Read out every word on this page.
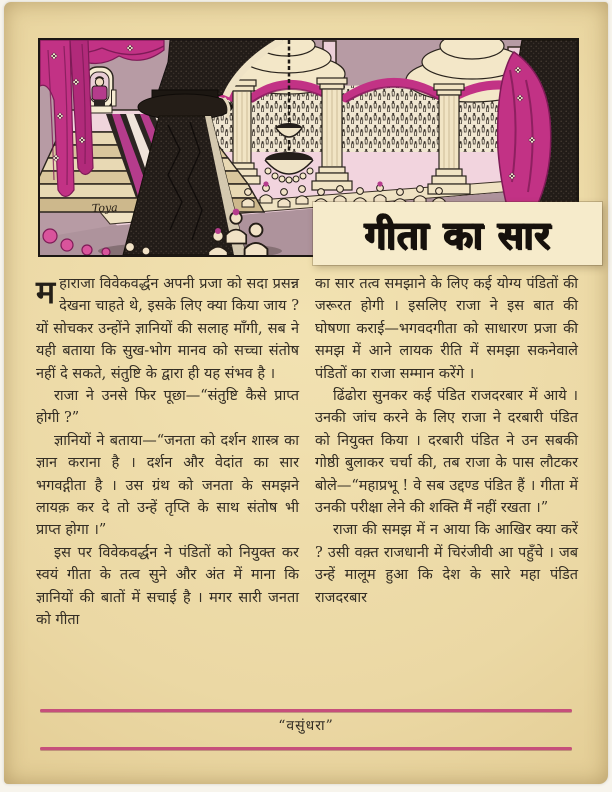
Toya
गीता का सार

महाराजा विवेकवर्द्धन अपनी प्रजा को सदा प्रसन्न देखना चाहते थे, इसके लिए क्या किया जाय ? यों सोचकर उन्होंने ज्ञानियों की सलाह माँगी, सब ने यही बताया कि सुख-भोग मानव को सच्चा संतोष नहीं दे सकते, संतुष्टि के द्वारा ही यह संभव है ।

राजा ने उनसे फिर पूछा—“संतुष्टि कैसे प्राप्त होगी ?”

ज्ञानियों ने बताया—“जनता को दर्शन शास्त्र का ज्ञान कराना है । दर्शन और वेदांत का सार भगवद्गीता है । उस ग्रंथ को जनता के समझने लायक़ कर दे तो उन्हें तृप्ति के साथ संतोष भी प्राप्त होगा ।”

इस पर विवेकवर्द्धन ने पंडितों को नियुक्त कर स्वयं गीता के तत्व सुने और अंत में माना कि ज्ञानियों की बातों में सचाई है । मगर सारी जनता को गीता

का सार तत्व समझाने के लिए कई योग्य पंडितों की जरूरत होगी । इसलिए राजा ने इस बात की घोषणा कराई—भगवदगीता को साधारण प्रजा की समझ में आने लायक रीति में समझा सकनेवाले पंडितों का राजा सम्मान करेंगे ।

ढिंढोरा सुनकर कई पंडित राजदरबार में आये । उनकी जांच करने के लिए राजा ने दरबारी पंडित को नियुक्त किया । दरबारी पंडित ने उन सबकी गोष्ठी बुलाकर चर्चा की, तब राजा के पास लौटकर बोले—“महाप्रभू ! वे सब उद्दण्ड पंडित हैं । गीता में उनकी परीक्षा लेने की शक्ति मैं नहीं रखता ।”

राजा की समझ में न आया कि आखिर क्या करें ? उसी वक़्त राजधानी में चिरंजीवी आ पहुँचे । जब उन्हें मालूम हुआ कि देश के सारे महा पंडित राजदरबार

“वसुंधरा”
